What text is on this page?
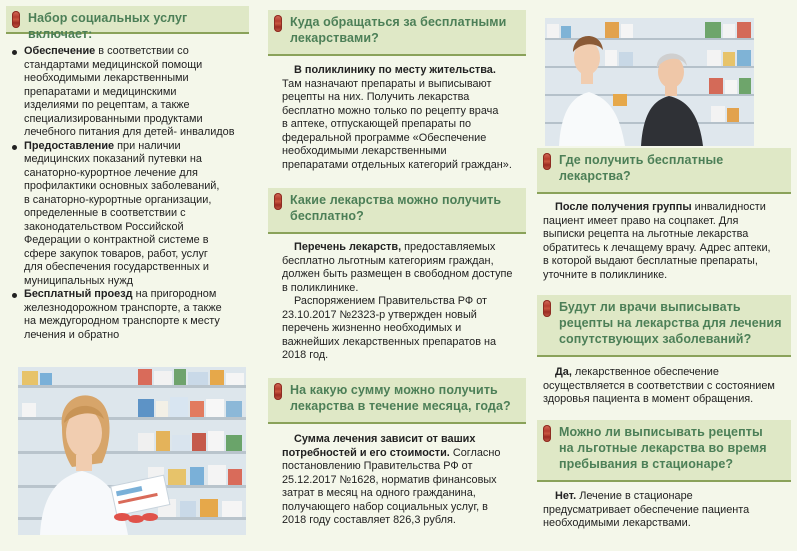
Набор социальных услуг включает:
Обеспечение в соответствии со
стандартами медицинской помощи
необходимыми лекарственными
препаратами и медицинскими
изделиями по рецептам, а также
специализированными продуктами
лечебного питания для детей- инвалидов
Предоставление при наличии
медицинских показаний путевки на
санаторно-курортное лечение для
профилактики основных заболеваний,
в санаторно-курортные организации,
определенные в соответствии с
законодательством Российской
Федерации о контрактной системе в
сфере закупок товаров, работ, услуг
для обеспечения государственных и
муниципальных нужд
Бесплатный проезд на пригородном
железнодорожном транспорте, а также
на междугородном транспорте к месту
лечения и обратно
Куда обращаться за бесплатными
лекарствами?

В поликлинику по месту жительства.

Там назначают препараты и выписывают
рецепты на них. Получить лекарства
бесплатно можно только по рецепту врача
в аптеке, отпускающей препараты по
федеральной программе «Обеспечение
необходимыми лекарственными
препаратами отдельных категорий граждан».

Какие лекарства можно получить
бесплатно?

Перечень лекарств, предоставляемых

бесплатно льготным категориям граждан,
должен быть размещен в свободном доступе
в поликлинике.

Распоряжением Правительства РФ от

23.10.2017 №2323-р утвержден новый
перечень жизненно необходимых и
важнейших лекарственных препаратов на
2018 год.

На какую сумму можно получить
лекарства в течение месяца, года?

Сумма лечения зависит от ваших

потребностей и его стоимости. Согласно
постановлению Правительства РФ от
25.12.2017 №1628, норматив финансовых
затрат в месяц на одного гражданина,
получающего набор социальных услуг, в
2018 году составляет 826,3 рубля.

Где получить бесплатные
лекарства?

После получения группы инвалидности

пациент имеет право на соцпакет. Для
выписки рецепта на льготные лекарства
обратитесь к лечащему врачу. Адрес аптеки,
в которой выдают бесплатные препараты,
уточните в поликлинике.

Будут ли врачи выписывать
рецепты на лекарства для лечения
сопутствующих заболеваний?

Да, лекарственное обеспечение

осуществляется в соответствии с состоянием
здоровья пациента в момент обращения.

Можно ли выписывать рецепты
на льготные лекарства во время
пребывания в стационаре?

Нет. Лечение в стационаре

предусматривает обеспечение пациента
необходимыми лекарствами.
